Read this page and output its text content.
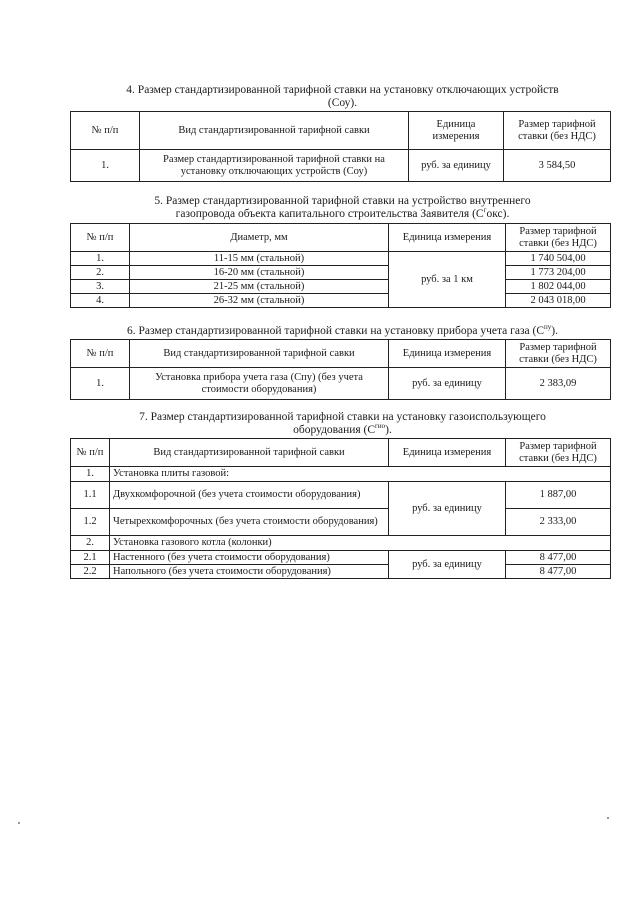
4. Размер стандартизированной тарифной ставки на установку отключающих устройств
(Соу).
№ п/п	Вид стандартизированной тарифной савки	Единица измерения	Размер тарифной ставки (без НДС)
1.	Размер стандартизированной тарифной ставки на установку отключающих устройств (Соу)	руб. за единицу	3 584,50
5. Размер стандартизированной тарифной ставки на устройство внутреннего
газопровода объекта капитального строительства Заявителя $(С^гокс)$.
№ п/п	Диаметр, мм	Единица измерения	Размер тарифной ставки (без НДС)
1.	11-15 мм (стальной)	руб. за 1 км	1 740 504,00
2.	16-20 мм (стальной)		1 773 204,00
3.	21-25 мм (стальной)		1 802 044,00
4.	26-32 мм (стальной)		2 043 018,00
6. Размер стандартизированной тарифной ставки на установку прибора учета газа $(С^{пу})$.
№ п/п	Вид стандартизированной тарифной савки	Единица измерения	Размер тарифной ставки (без НДС)
1.	Установка прибора учета газа (Спу) (без учета стоимости оборудования)	руб. за единицу	2 383,09
7. Размер стандартизированной тарифной ставки на установку газоиспользующего
оборудования $(С^{гио})$.
№ п/п	Вид стандартизированной тарифной савки	Единица измерения	Размер тарифной ставки (без НДС)
1.	Установка плиты газовой:		
1.1	Двухкомфорочной (без учета стоимости оборудования)	руб. за единицу	1 887,00
1.2	Четырехкомфорочных (без учета стоимости оборудования)		2 333,00
2.	Установка газового котла (колонки)		
2.1	Настенного (без учета стоимости оборудования)	руб. за единицу	8 477,00
2.2	Напольного (без учета стоимости оборудования)		8 477,00
